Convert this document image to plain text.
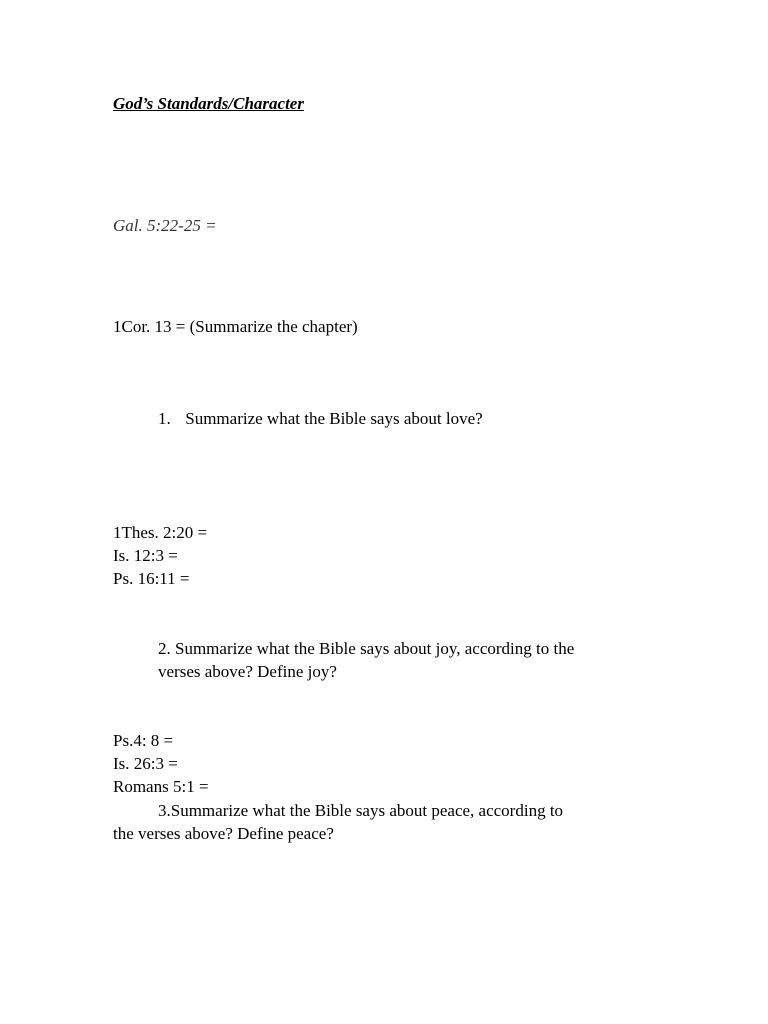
God’s Standards/Character
Gal. 5:22-25 =
1Cor. 13 = (Summarize the chapter)
1. Summarize what the Bible says about love?
1Thes. 2:20 =
Is. 12:3 =
Ps. 16:11 =
2. Summarize what the Bible says about joy, according to the
verses above? Define joy?
Ps.4: 8 =
Is. 26:3 =
Romans 5:1 =
3.Summarize what the Bible says about peace, according to
the verses above? Define peace?
